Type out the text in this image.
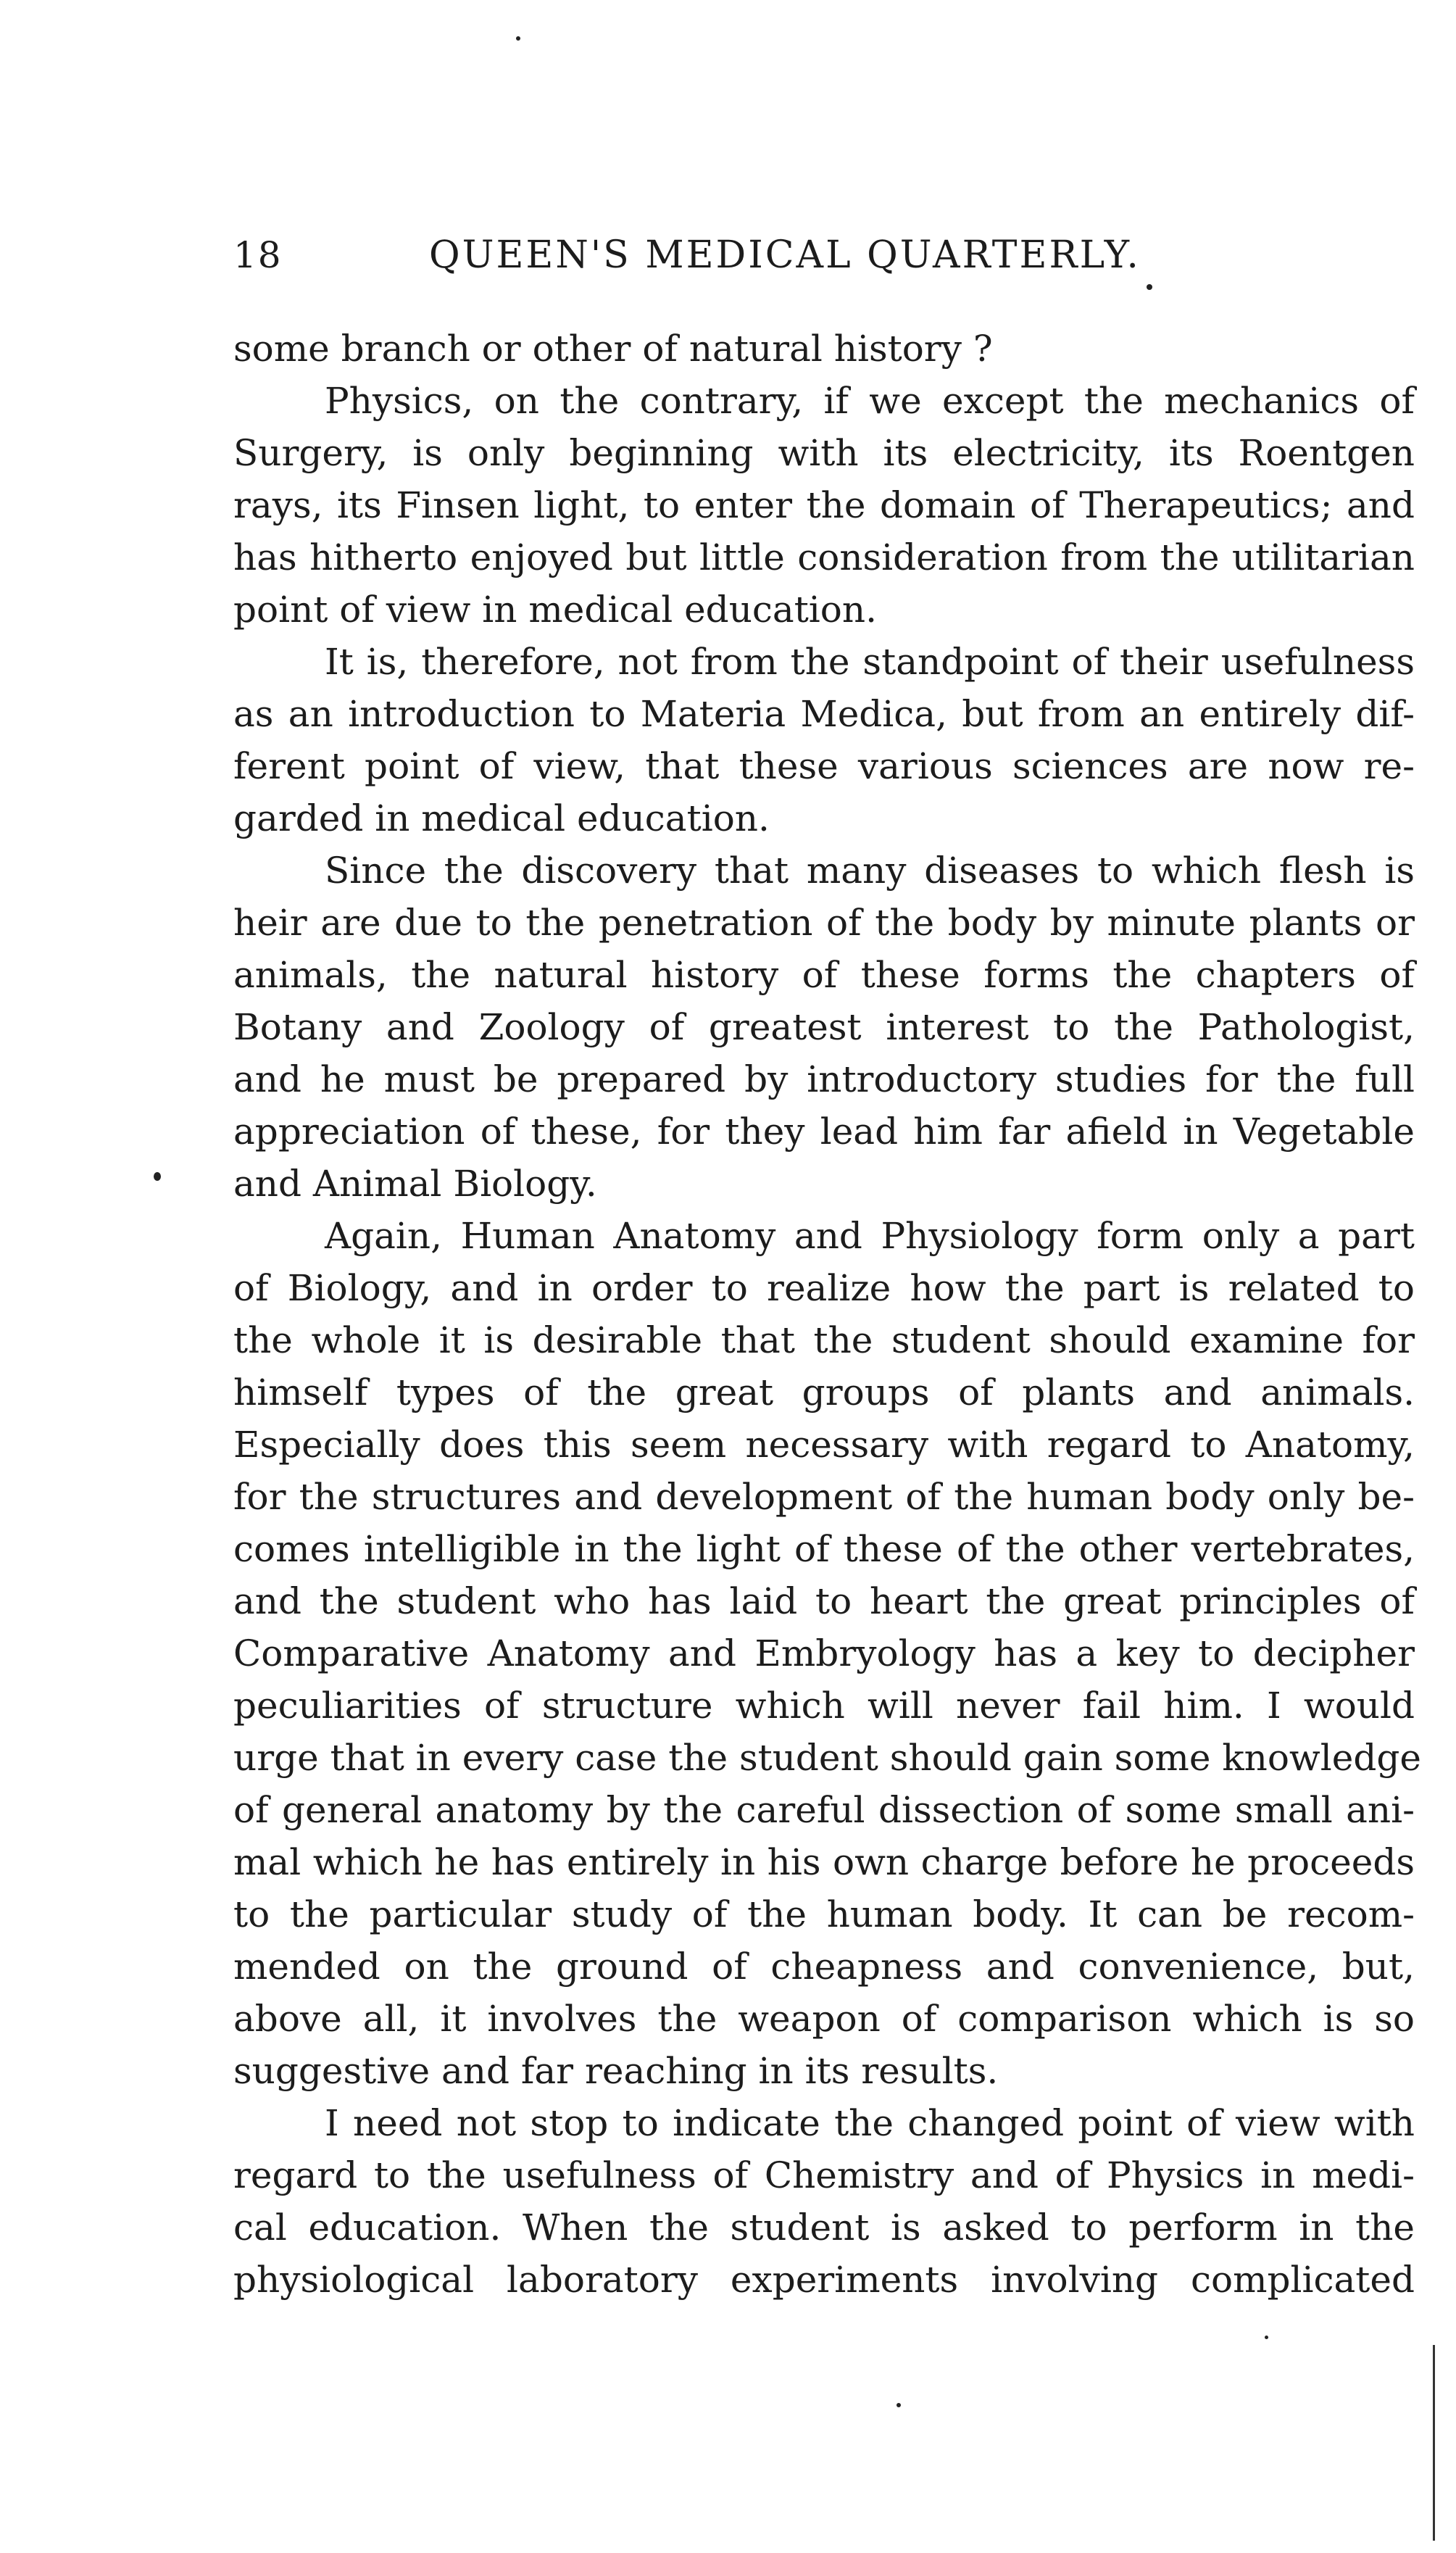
18	QUEEN'S MEDICAL QUARTERLY.
some branch or other of natural history ?
Physics, on the contrary, if we except the mechanics of
Surgery, is only beginning with its electricity, its Roentgen
rays, its Finsen light, to enter the domain of Therapeutics; and
has hitherto enjoyed but little consideration from the utilitarian
point of view in medical education.
It is, therefore, not from the standpoint of their usefulness
as an introduction to Materia Medica, but from an entirely dif-
ferent point of view, that these various sciences are now re-
garded in medical education.
Since the discovery that many diseases to which flesh is
heir are due to the penetration of the body by minute plants or
animals, the natural history of these forms the chapters of
Botany and Zoology of greatest interest to the Pathologist,
and he must be prepared by introductory studies for the full
appreciation of these, for they lead him far afield in Vegetable
and Animal Biology.
Again, Human Anatomy and Physiology form only a part
of Biology, and in order to realize how the part is related to
the whole it is desirable that the student should examine for
himself types of the great groups of plants and animals.
Especially does this seem necessary with regard to Anatomy,
for the structures and development of the human body only be-
comes intelligible in the light of these of the other vertebrates,
and the student who has laid to heart the great principles of
Comparative Anatomy and Embryology has a key to decipher
peculiarities of structure which will never fail him. I would
urge that in every case the student should gain some knowledge
of general anatomy by the careful dissection of some small ani-
mal which he has entirely in his own charge before he proceeds
to the particular study of the human body. It can be recom-
mended on the ground of cheapness and convenience, but,
above all, it involves the weapon of comparison which is so
suggestive and far reaching in its results.
I need not stop to indicate the changed point of view with
regard to the usefulness of Chemistry and of Physics in medi-
cal education. When the student is asked to perform in the
physiological laboratory experiments involving complicated
